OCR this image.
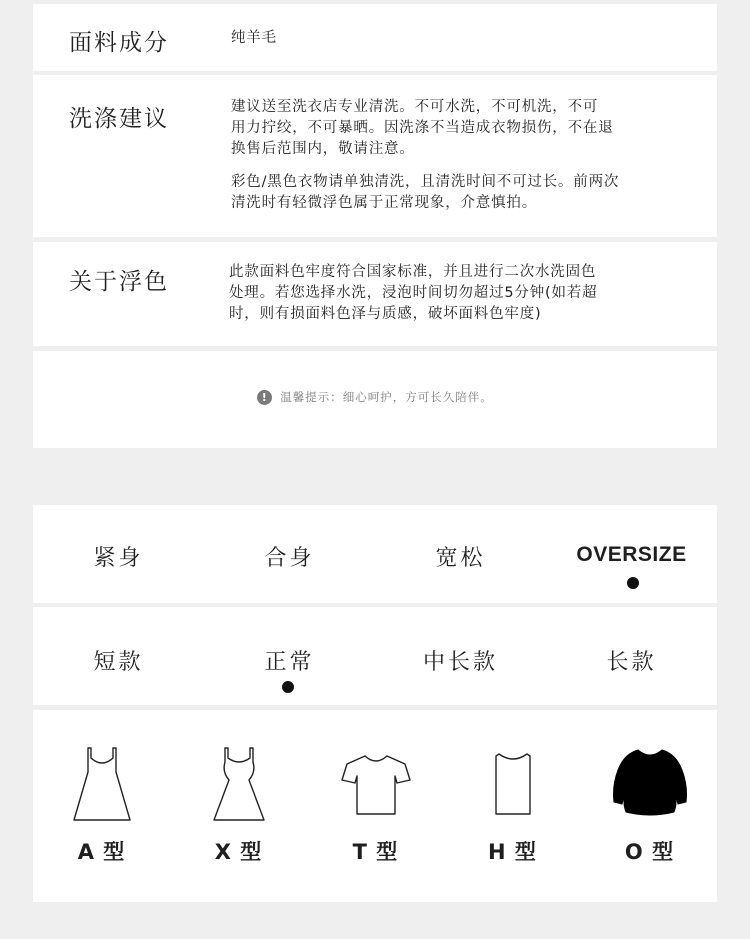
面料成分	纯羊毛
洗涤建议	建议送至洗衣店专业清洗。不可水洗，不可机洗，不可
用力拧绞，不可暴晒。因洗涤不当造成衣物损伤，不在退
换售后范围内，敬请注意。
彩色/黑色衣物请单独清洗，且清洗时间不可过长。前两次
清洗时有轻微浮色属于正常现象，介意慎拍。
关于浮色	此款面料色牢度符合国家标准，并且进行二次水洗固色
处理。若您选择水洗，浸泡时间切勿超过5分钟(如若超
时，则有损面料色泽与质感，破坏面料色牢度)
! 温馨提示：细心呵护，方可长久陪伴。
紧身	合身	宽松	OVERSIZE
短款	正常	中长款	长款
A 型	X 型	T 型	H 型	O 型
